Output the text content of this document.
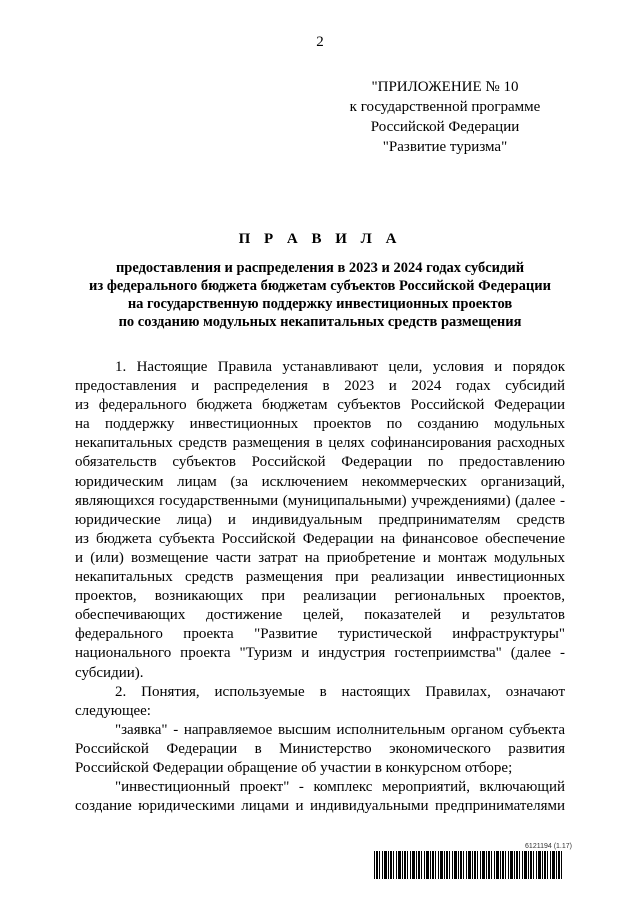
2
"ПРИЛОЖЕНИЕ № 10
к государственной программе
Российской Федерации
"Развитие туризма"
П Р А В И Л А
предоставления и распределения в 2023 и 2024 годах субсидий
из федерального бюджета бюджетам субъектов Российской Федерации
на государственную поддержку инвестиционных проектов
по созданию модульных некапитальных средств размещения
1. Настоящие Правила устанавливают цели, условия и порядок
предоставления и распределения в 2023 и 2024 годах субсидий
из федерального бюджета бюджетам субъектов Российской Федерации
на поддержку инвестиционных проектов по созданию модульных
некапитальных средств размещения в целях софинансирования расходных
обязательств субъектов Российской Федерации по предоставлению
юридическим лицам (за исключением некоммерческих организаций,
являющихся государственными (муниципальными) учреждениями) (далее -
юридические лица) и индивидуальным предпринимателям средств
из бюджета субъекта Российской Федерации на финансовое обеспечение
и (или) возмещение части затрат на приобретение и монтаж модульных
некапитальных средств размещения при реализации инвестиционных
проектов, возникающих при реализации региональных проектов,
обеспечивающих достижение целей, показателей и результатов
федерального проекта "Развитие туристической инфраструктуры"
национального проекта "Туризм и индустрия гостеприимства" (далее -
субсидии).
2. Понятия, используемые в настоящих Правилах, означают
следующее:
"заявка" - направляемое высшим исполнительным органом субъекта
Российской Федерации в Министерство экономического развития
Российской Федерации обращение об участии в конкурсном отборе;
"инвестиционный проект" - комплекс мероприятий, включающий
создание юридическими лицами и индивидуальными предпринимателями
6121194 (1.17)
